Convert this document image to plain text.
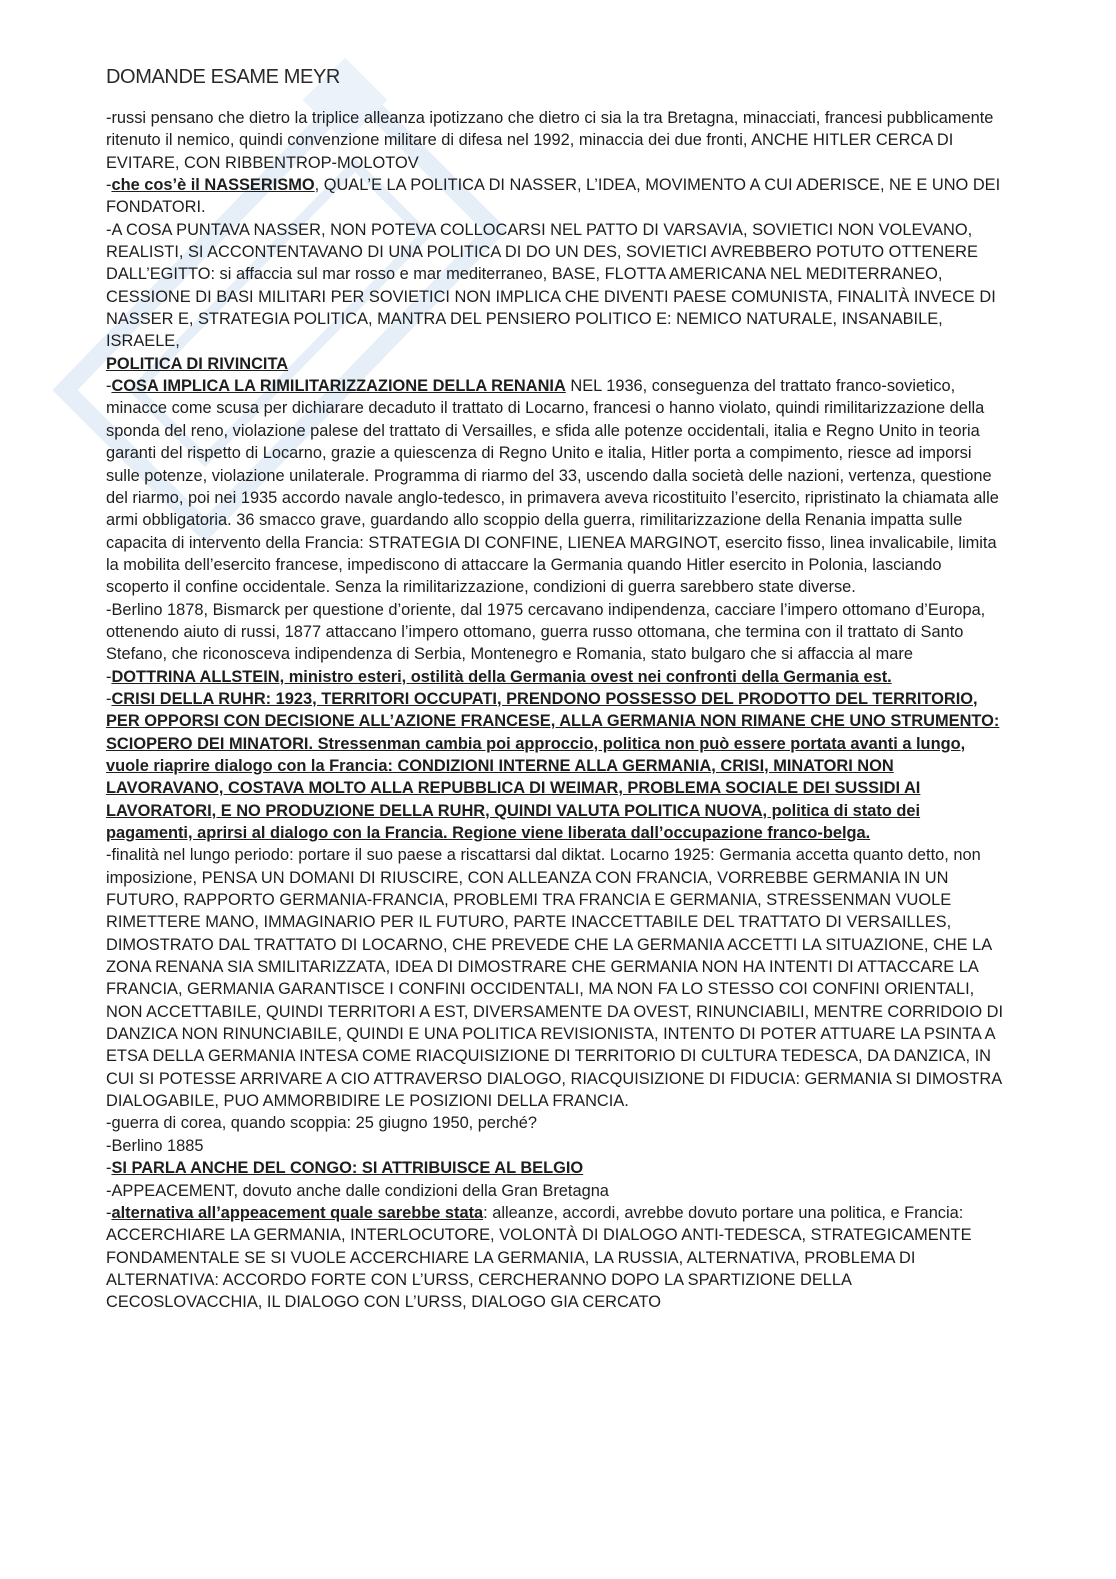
DOMANDE ESAME MEYR

-russi pensano che dietro la triplice alleanza ipotizzano che dietro ci sia la tra Bretagna, minacciati, francesi pubblicamente ritenuto il nemico, quindi convenzione militare di difesa nel 1992, minaccia dei due fronti, ANCHE HITLER CERCA DI EVITARE, CON RIBBENTROP-MOLOTOV

-che cos’è il NASSERISMO, QUAL’E LA POLITICA DI NASSER, L’IDEA, MOVIMENTO A CUI ADERISCE, NE E UNO DEI FONDATORI.

-A COSA PUNTAVA NASSER, NON POTEVA COLLOCARSI NEL PATTO DI VARSAVIA, SOVIETICI NON VOLEVANO, REALISTI, SI ACCONTENTAVANO DI UNA POLITICA DI DO UN DES, SOVIETICI AVREBBERO POTUTO OTTENERE DALL’EGITTO: si affaccia sul mar rosso e mar mediterraneo, BASE, FLOTTA AMERICANA NEL MEDITERRANEO, CESSIONE DI BASI MILITARI PER SOVIETICI NON IMPLICA CHE DIVENTI PAESE COMUNISTA, FINALITÀ INVECE DI NASSER E, STRATEGIA POLITICA, MANTRA DEL PENSIERO POLITICO E: NEMICO NATURALE, INSANABILE, ISRAELE,

POLITICA DI RIVINCITA

-COSA IMPLICA LA RIMILITARIZZAZIONE DELLA RENANIA NEL 1936, conseguenza del trattato franco-sovietico, minacce come scusa per dichiarare decaduto il trattato di Locarno, francesi o hanno violato, quindi rimilitarizzazione della sponda del reno, violazione palese del trattato di Versailles, e sfida alle potenze occidentali, italia e Regno Unito in teoria garanti del rispetto di Locarno, grazie a quiescenza di Regno Unito e italia, Hitler porta a compimento, riesce ad imporsi sulle potenze, violazione unilaterale. Programma di riarmo del 33, uscendo dalla società delle nazioni, vertenza, questione del riarmo, poi nei 1935 accordo navale anglo-tedesco, in primavera aveva ricostituito l’esercito, ripristinato la chiamata alle armi obbligatoria. 36 smacco grave, guardando allo scoppio della guerra, rimilitarizzazione della Renania impatta sulle capacita di intervento della Francia: STRATEGIA DI CONFINE, LIENEA MARGINOT, esercito fisso, linea invalicabile, limita la mobilita dell’esercito francese, impediscono di attaccare la Germania quando Hitler esercito in Polonia, lasciando scoperto il confine occidentale. Senza la rimilitarizzazione, condizioni di guerra sarebbero state diverse.

-Berlino 1878, Bismarck per questione d’oriente, dal 1975 cercavano indipendenza, cacciare l’impero ottomano d’Europa, ottenendo aiuto di russi, 1877 attaccano l’impero ottomano, guerra russo ottomana, che termina con il trattato di Santo Stefano, che riconosceva indipendenza di Serbia, Montenegro e Romania, stato bulgaro che si affaccia al mare

-DOTTRINA ALLSTEIN, ministro esteri, ostilità della Germania ovest nei confronti della Germania est.

-CRISI DELLA RUHR: 1923, TERRITORI OCCUPATI, PRENDONO POSSESSO DEL PRODOTTO DEL TERRITORIO, PER OPPORSI CON DECISIONE ALL’AZIONE FRANCESE, ALLA GERMANIA NON RIMANE CHE UNO STRUMENTO: SCIOPERO DEI MINATORI. Stressenman cambia poi approccio, politica non può essere portata avanti a lungo, vuole riaprire dialogo con la Francia: CONDIZIONI INTERNE ALLA GERMANIA, CRISI, MINATORI NON LAVORAVANO, COSTAVA MOLTO ALLA REPUBBLICA DI WEIMAR, PROBLEMA SOCIALE DEI SUSSIDI AI LAVORATORI, E NO PRODUZIONE DELLA RUHR, QUINDI VALUTA POLITICA NUOVA, politica di stato dei pagamenti, aprirsi al dialogo con la Francia. Regione viene liberata dall’occupazione franco-belga.

-finalità nel lungo periodo: portare il suo paese a riscattarsi dal diktat. Locarno 1925: Germania accetta quanto detto, non imposizione, PENSA UN DOMANI DI RIUSCIRE, CON ALLEANZA CON FRANCIA, VORREBBE GERMANIA IN UN FUTURO, RAPPORTO GERMANIA-FRANCIA, PROBLEMI TRA FRANCIA E GERMANIA, STRESSENMAN VUOLE RIMETTERE MANO, IMMAGINARIO PER IL FUTURO, PARTE INACCETTABILE DEL TRATTATO DI VERSAILLES, DIMOSTRATO DAL TRATTATO DI LOCARNO, CHE PREVEDE CHE LA GERMANIA ACCETTI LA SITUAZIONE, CHE LA ZONA RENANA SIA SMILITARIZZATA, IDEA DI DIMOSTRARE CHE GERMANIA NON HA INTENTI DI ATTACCARE LA FRANCIA, GERMANIA GARANTISCE I CONFINI OCCIDENTALI, MA NON FA LO STESSO COI CONFINI ORIENTALI, NON ACCETTABILE, QUINDI TERRITORI A EST, DIVERSAMENTE DA OVEST, RINUNCIABILI, MENTRE CORRIDOIO DI DANZICA NON RINUNCIABILE, QUINDI E UNA POLITICA REVISIONISTA, INTENTO DI POTER ATTUARE LA PSINTA A ETSA DELLA GERMANIA INTESA COME RIACQUISIZIONE DI TERRITORIO DI CULTURA TEDESCA, DA DANZICA, IN CUI SI POTESSE ARRIVARE A CIO ATTRAVERSO DIALOGO, RIACQUISIZIONE DI FIDUCIA: GERMANIA SI DIMOSTRA DIALOGABILE, PUO AMMORBIDIRE LE POSIZIONI DELLA FRANCIA.

-guerra di corea, quando scoppia: 25 giugno 1950, perché?

-Berlino 1885

-SI PARLA ANCHE DEL CONGO: SI ATTRIBUISCE AL BELGIO

-APPEACEMENT, dovuto anche dalle condizioni della Gran Bretagna

-alternativa all’appeacement quale sarebbe stata: alleanze, accordi, avrebbe dovuto portare una politica, e Francia: ACCERCHIARE LA GERMANIA, INTERLOCUTORE, VOLONTÀ DI DIALOGO ANTI-TEDESCA, STRATEGICAMENTE FONDAMENTALE SE SI VUOLE ACCERCHIARE LA GERMANIA, LA RUSSIA, ALTERNATIVA, PROBLEMA DI ALTERNATIVA: ACCORDO FORTE CON L’URSS, CERCHERANNO DOPO LA SPARTIZIONE DELLA CECOSLOVACCHIA, IL DIALOGO CON L’URSS, DIALOGO GIA CERCATO
